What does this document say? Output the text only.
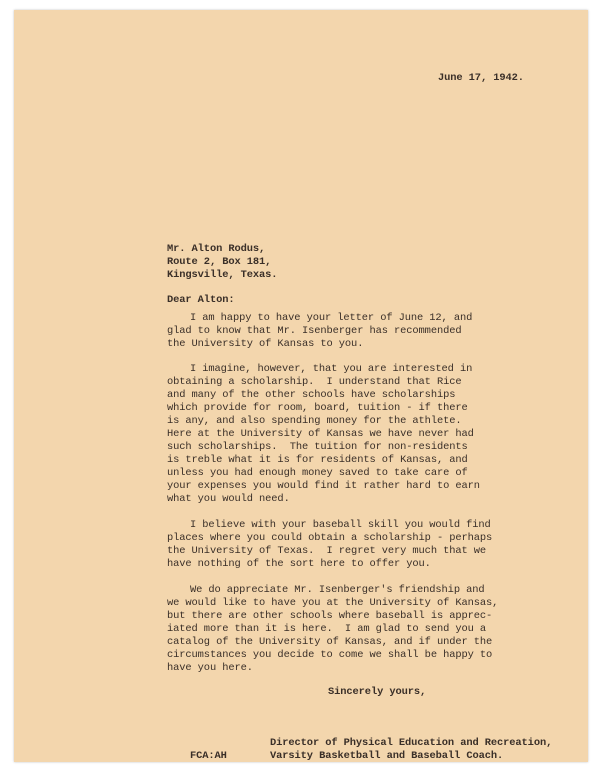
June 17, 1942.
Mr. Alton Rodus,
Route 2, Box 181,
Kingsville, Texas.
Dear Alton:
I am happy to have your letter of June 12, and
glad to know that Mr. Isenberger has recommended
the University of Kansas to you.
I imagine, however, that you are interested in
obtaining a scholarship.  I understand that Rice
and many of the other schools have scholarships
which provide for room, board, tuition - if there
is any, and also spending money for the athlete.
Here at the University of Kansas we have never had
such scholarships.  The tuition for non-residents
is treble what it is for residents of Kansas, and
unless you had enough money saved to take care of
your expenses you would find it rather hard to earn
what you would need.
I believe with your baseball skill you would find
places where you could obtain a scholarship - perhaps
the University of Texas.  I regret very much that we
have nothing of the sort here to offer you.
We do appreciate Mr. Isenberger's friendship and
we would like to have you at the University of Kansas,
but there are other schools where baseball is apprec-
iated more than it is here.  I am glad to send you a
catalog of the University of Kansas, and if under the
circumstances you decide to come we shall be happy to
have you here.
Sincerely yours,
Director of Physical Education and Recreation,
FCA:AH	Varsity Basketball and Baseball Coach.
